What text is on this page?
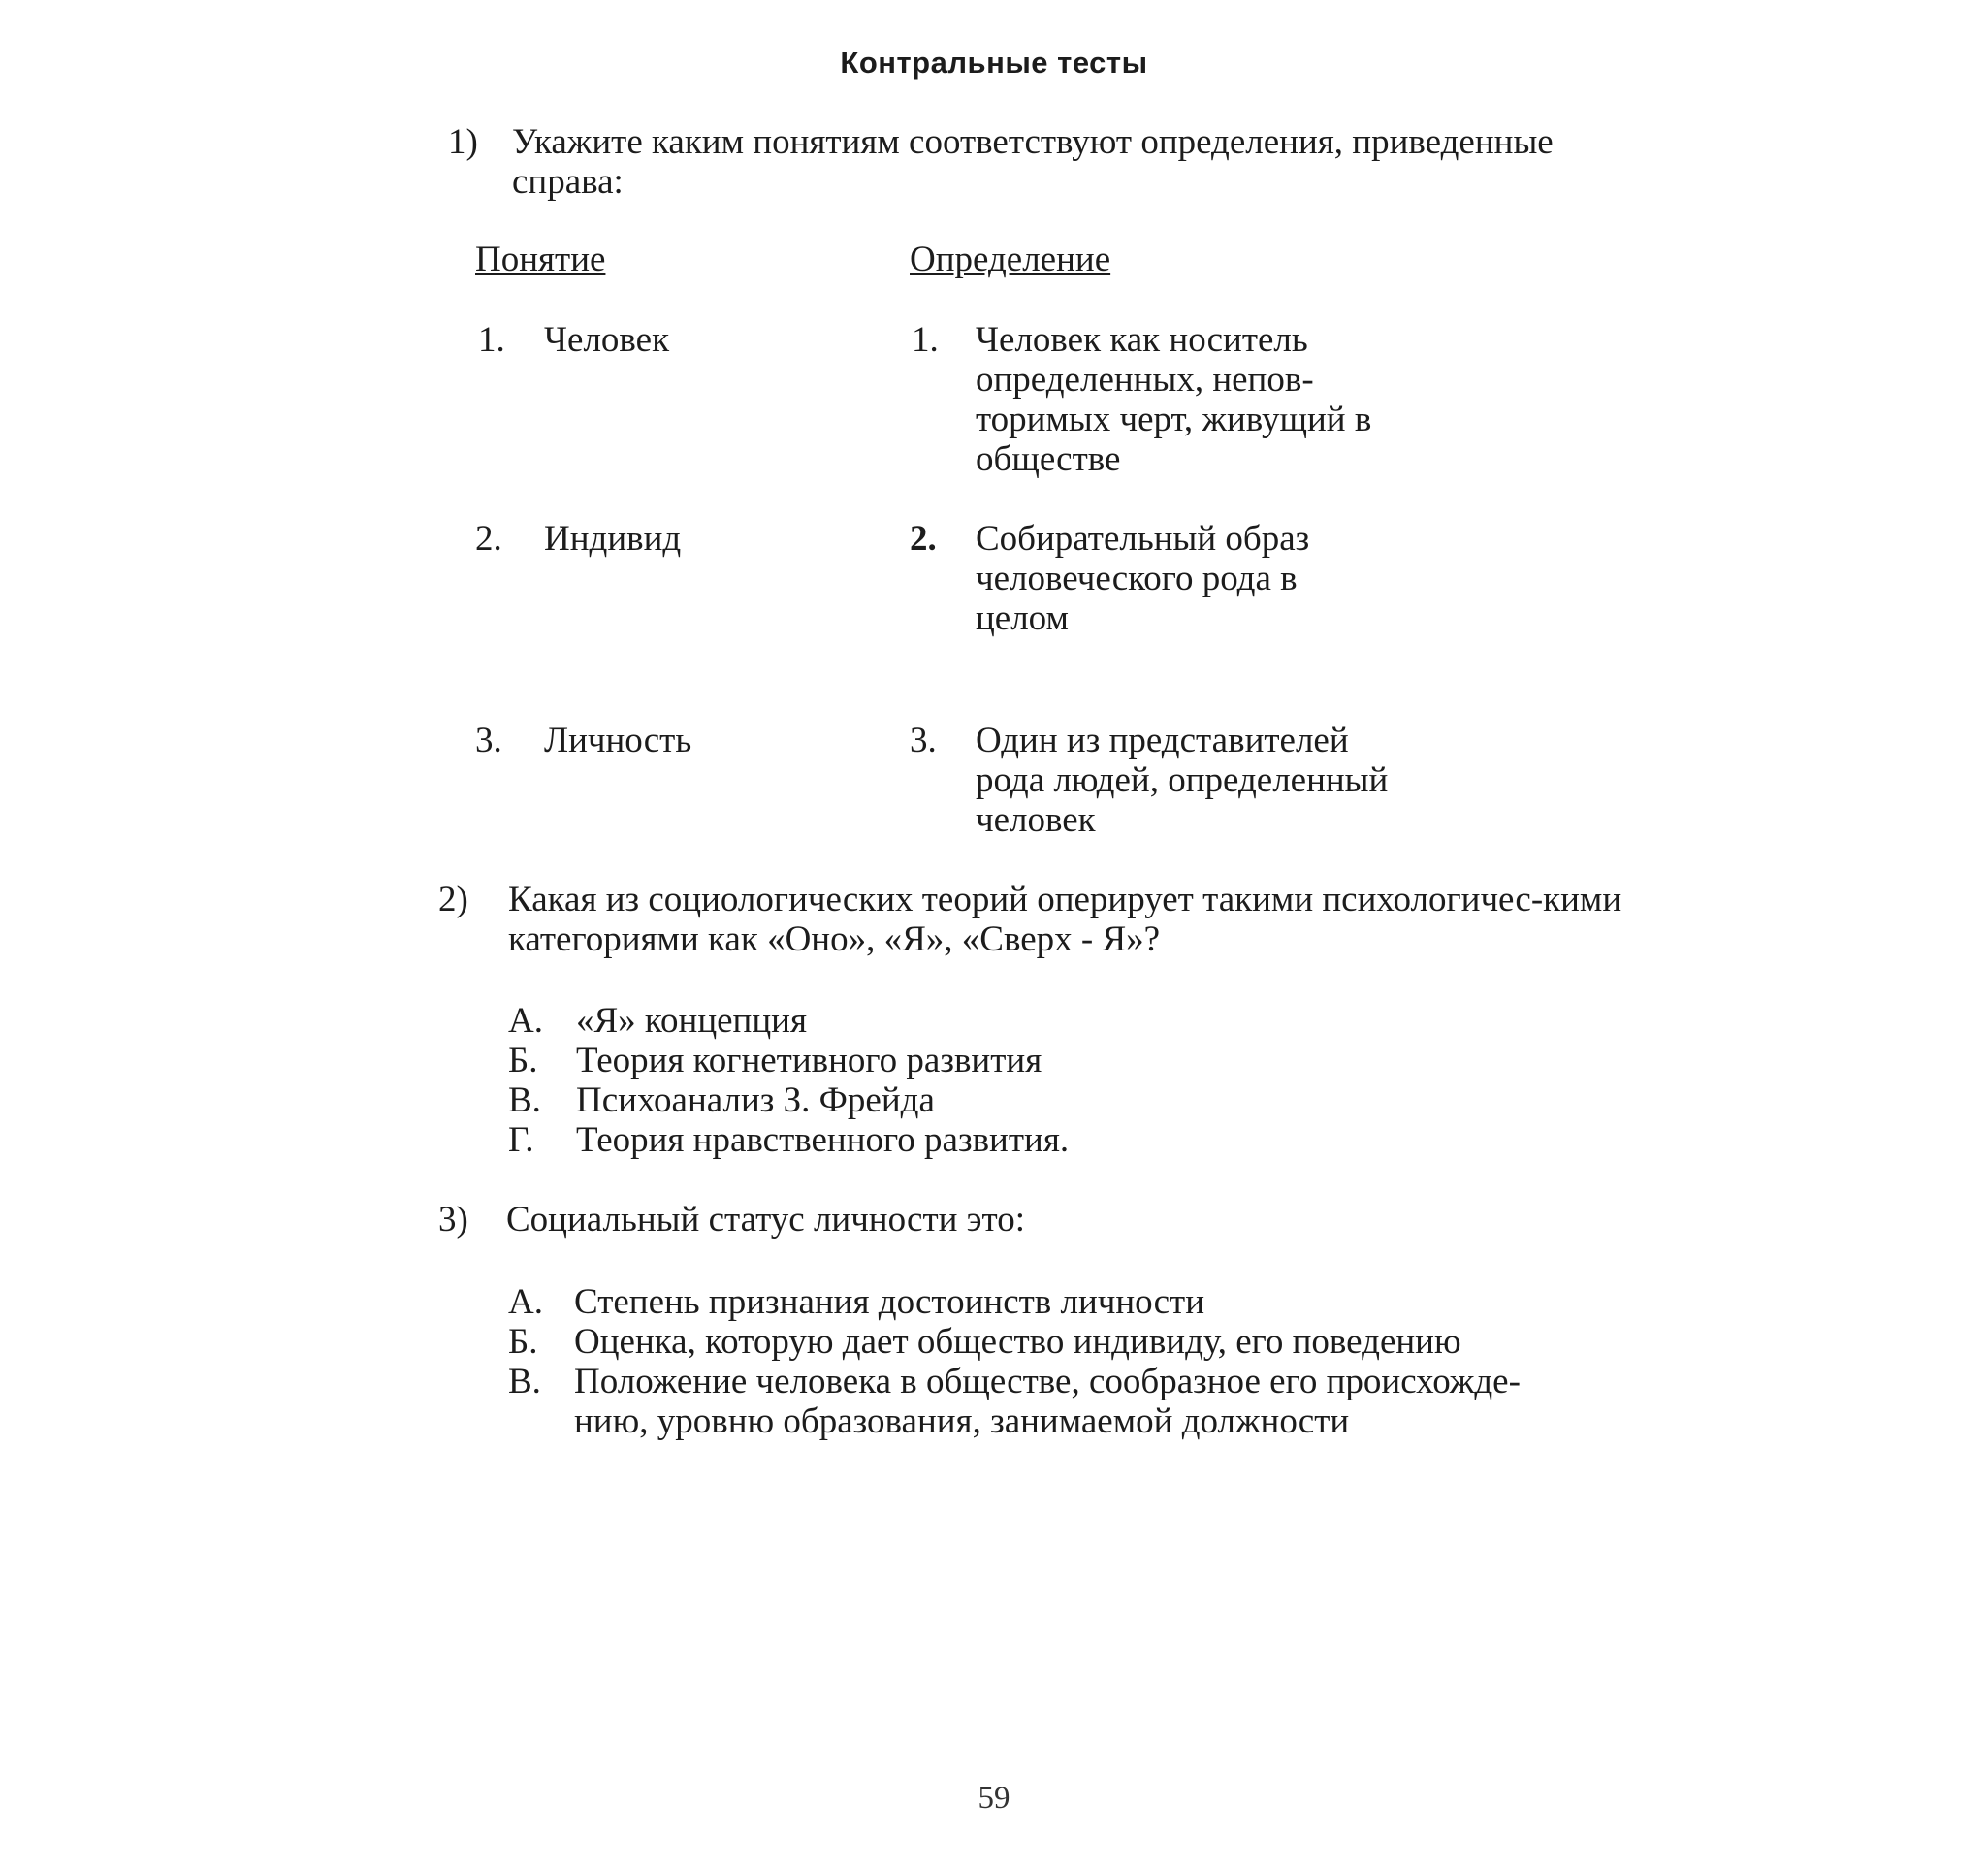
Контральные тесты
1) Укажите каким понятиям соответствуют определения, приведенные справа:
Понятие	Определение
1.	Человек	1.	Человек как носитель определенных, непов-торимых черт, живущий в обществе
2.	Индивид	2.	Собирательный образ человеческого рода в целом
3.	Личность	3.	Один из представителей рода людей, определенный человек
2)	Какая из социологических теорий оперирует такими психологичес-кими категориями как «Оно», «Я», «Сверх - Я»?
А. «Я» концепция
Б.	Теория когнетивного развития
В. Психоанализ З. Фрейда
Г.	Теория нравственного развития.
3)	Социальный статус личности это:
А. Степень признания достоинств личности
Б.	Оценка, которую дает общество индивиду, его поведению
В. Положение человека в обществе, сообразное его происхожде-нию, уровню образования, занимаемой должности
59
